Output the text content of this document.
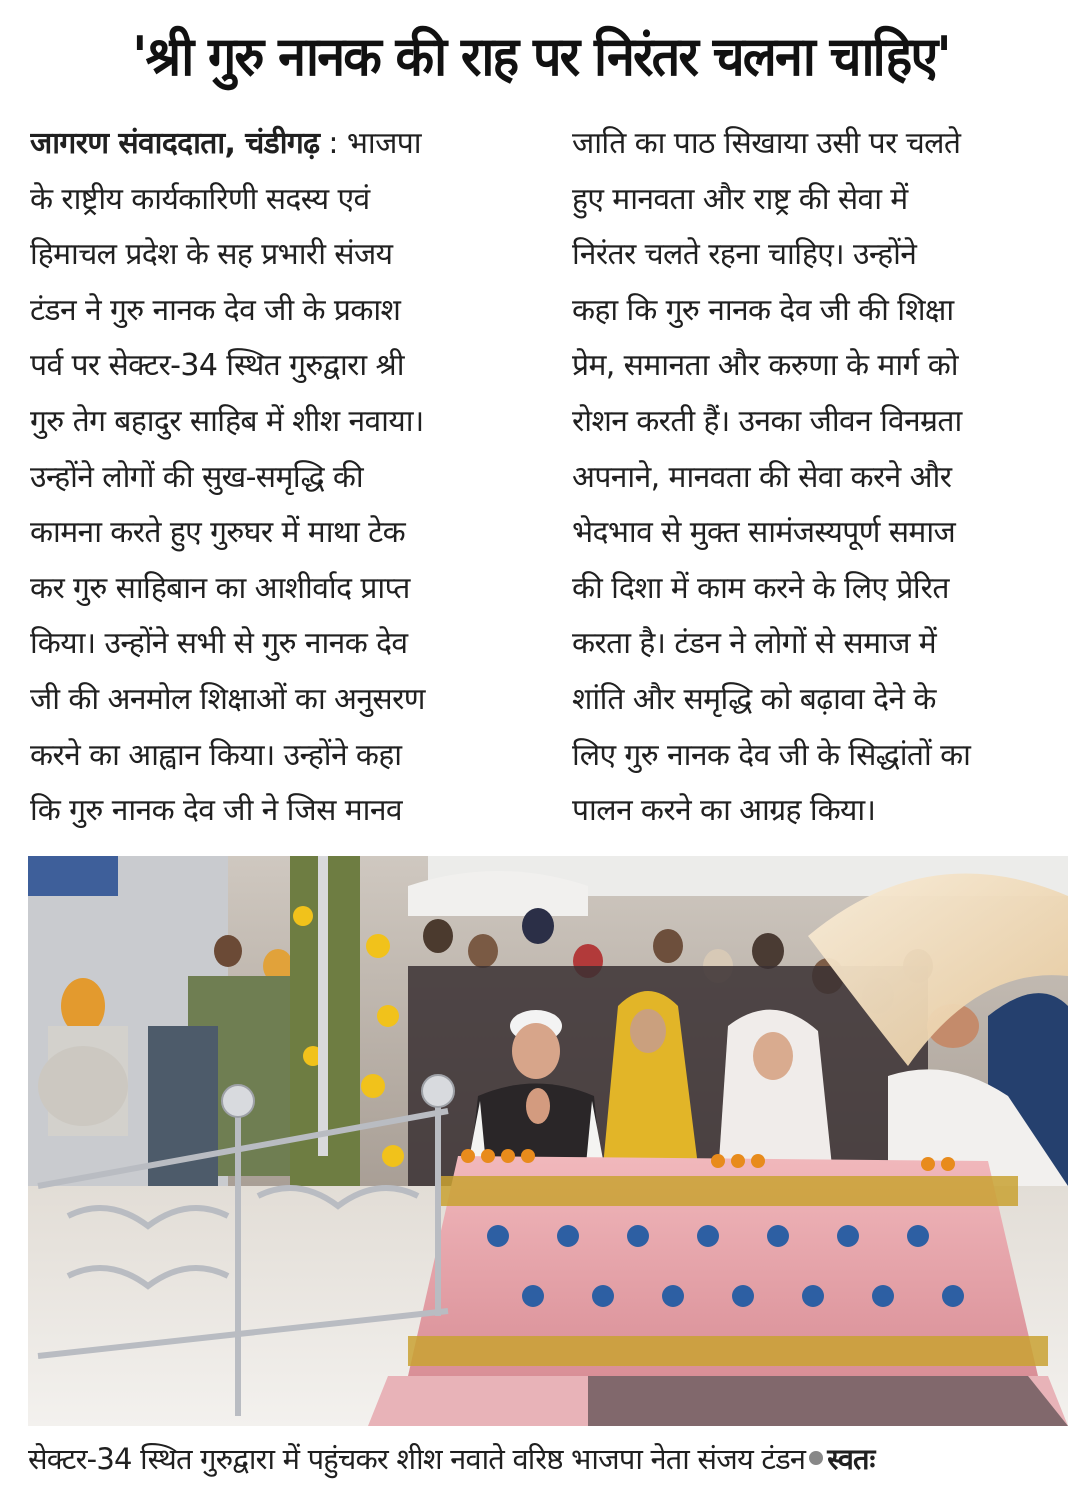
'श्री गुरु नानक की राह पर निरंतर चलना चाहिए'
जागरण संवाददाता, चंडीगढ़ : भाजपा
के राष्ट्रीय कार्यकारिणी सदस्य एवं
हिमाचल प्रदेश के सह प्रभारी संजय
टंडन ने गुरु नानक देव जी के प्रकाश
पर्व पर सेक्टर-34 स्थित गुरुद्वारा श्री
गुरु तेग बहादुर साहिब में शीश नवाया।
उन्होंने लोगों की सुख-समृद्धि की
कामना करते हुए गुरुघर में माथा टेक
कर गुरु साहिबान का आशीर्वाद प्राप्त
किया। उन्होंने सभी से गुरु नानक देव
जी की अनमोल शिक्षाओं का अनुसरण
करने का आह्वान किया। उन्होंने कहा
कि गुरु नानक देव जी ने जिस मानव
जाति का पाठ सिखाया उसी पर चलते
हुए मानवता और राष्ट्र की सेवा में
निरंतर चलते रहना चाहिए। उन्होंने
कहा कि गुरु नानक देव जी की शिक्षा
प्रेम, समानता और करुणा के मार्ग को
रोशन करती हैं। उनका जीवन विनम्रता
अपनाने, मानवता की सेवा करने और
भेदभाव से मुक्त सामंजस्यपूर्ण समाज
की दिशा में काम करने के लिए प्रेरित
करता है। टंडन ने लोगों से समाज में
शांति और समृद्धि को बढ़ावा देने के
लिए गुरु नानक देव जी के सिद्धांतों का
पालन करने का आग्रह किया।
सेक्टर-34 स्थित गुरुद्वारा में पहुंचकर शीश नवाते वरिष्ठ भाजपा नेता संजय टंडन स्वतः
